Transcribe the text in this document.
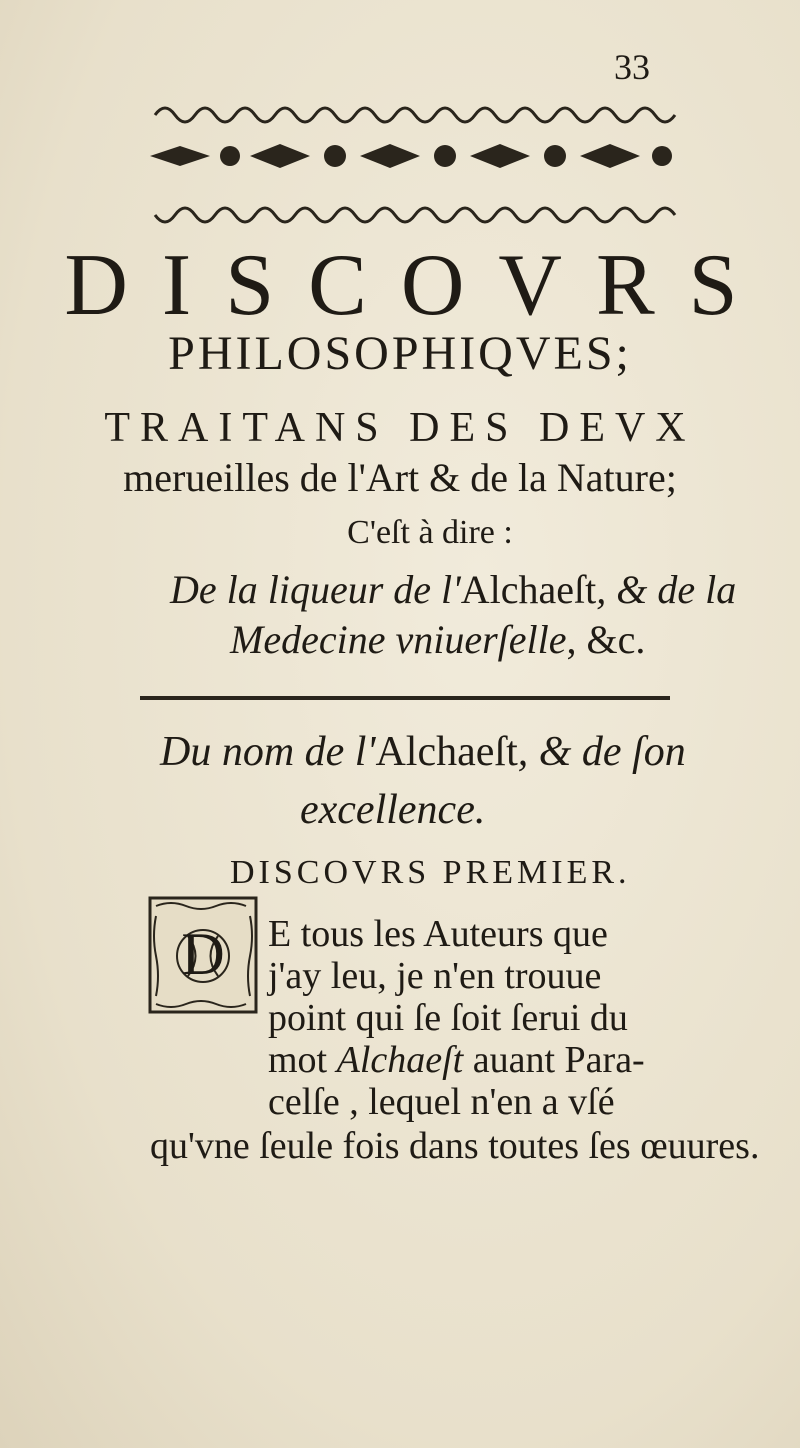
33
DISCOVRS
PHILOSOPHIQVES;
TRAITANS DES DEVX
merueilles de l'Art & de la Nature;
C'eſt à dire :
De la liqueur de l'Alchaeſt, & de la
Medecine vniuerſelle, &c.
Du nom de l'Alchaeſt, & de ſon
excellence.
DISCOVRS PREMIER.
D E tous les Auteurs que
j'ay leu, je n'en trouue
point qui ſe ſoit ſerui du
mot Alchaeſt auant Para-
celſe , lequel n'en a vſé
qu'vne ſeule fois dans toutes ſes œuures.
